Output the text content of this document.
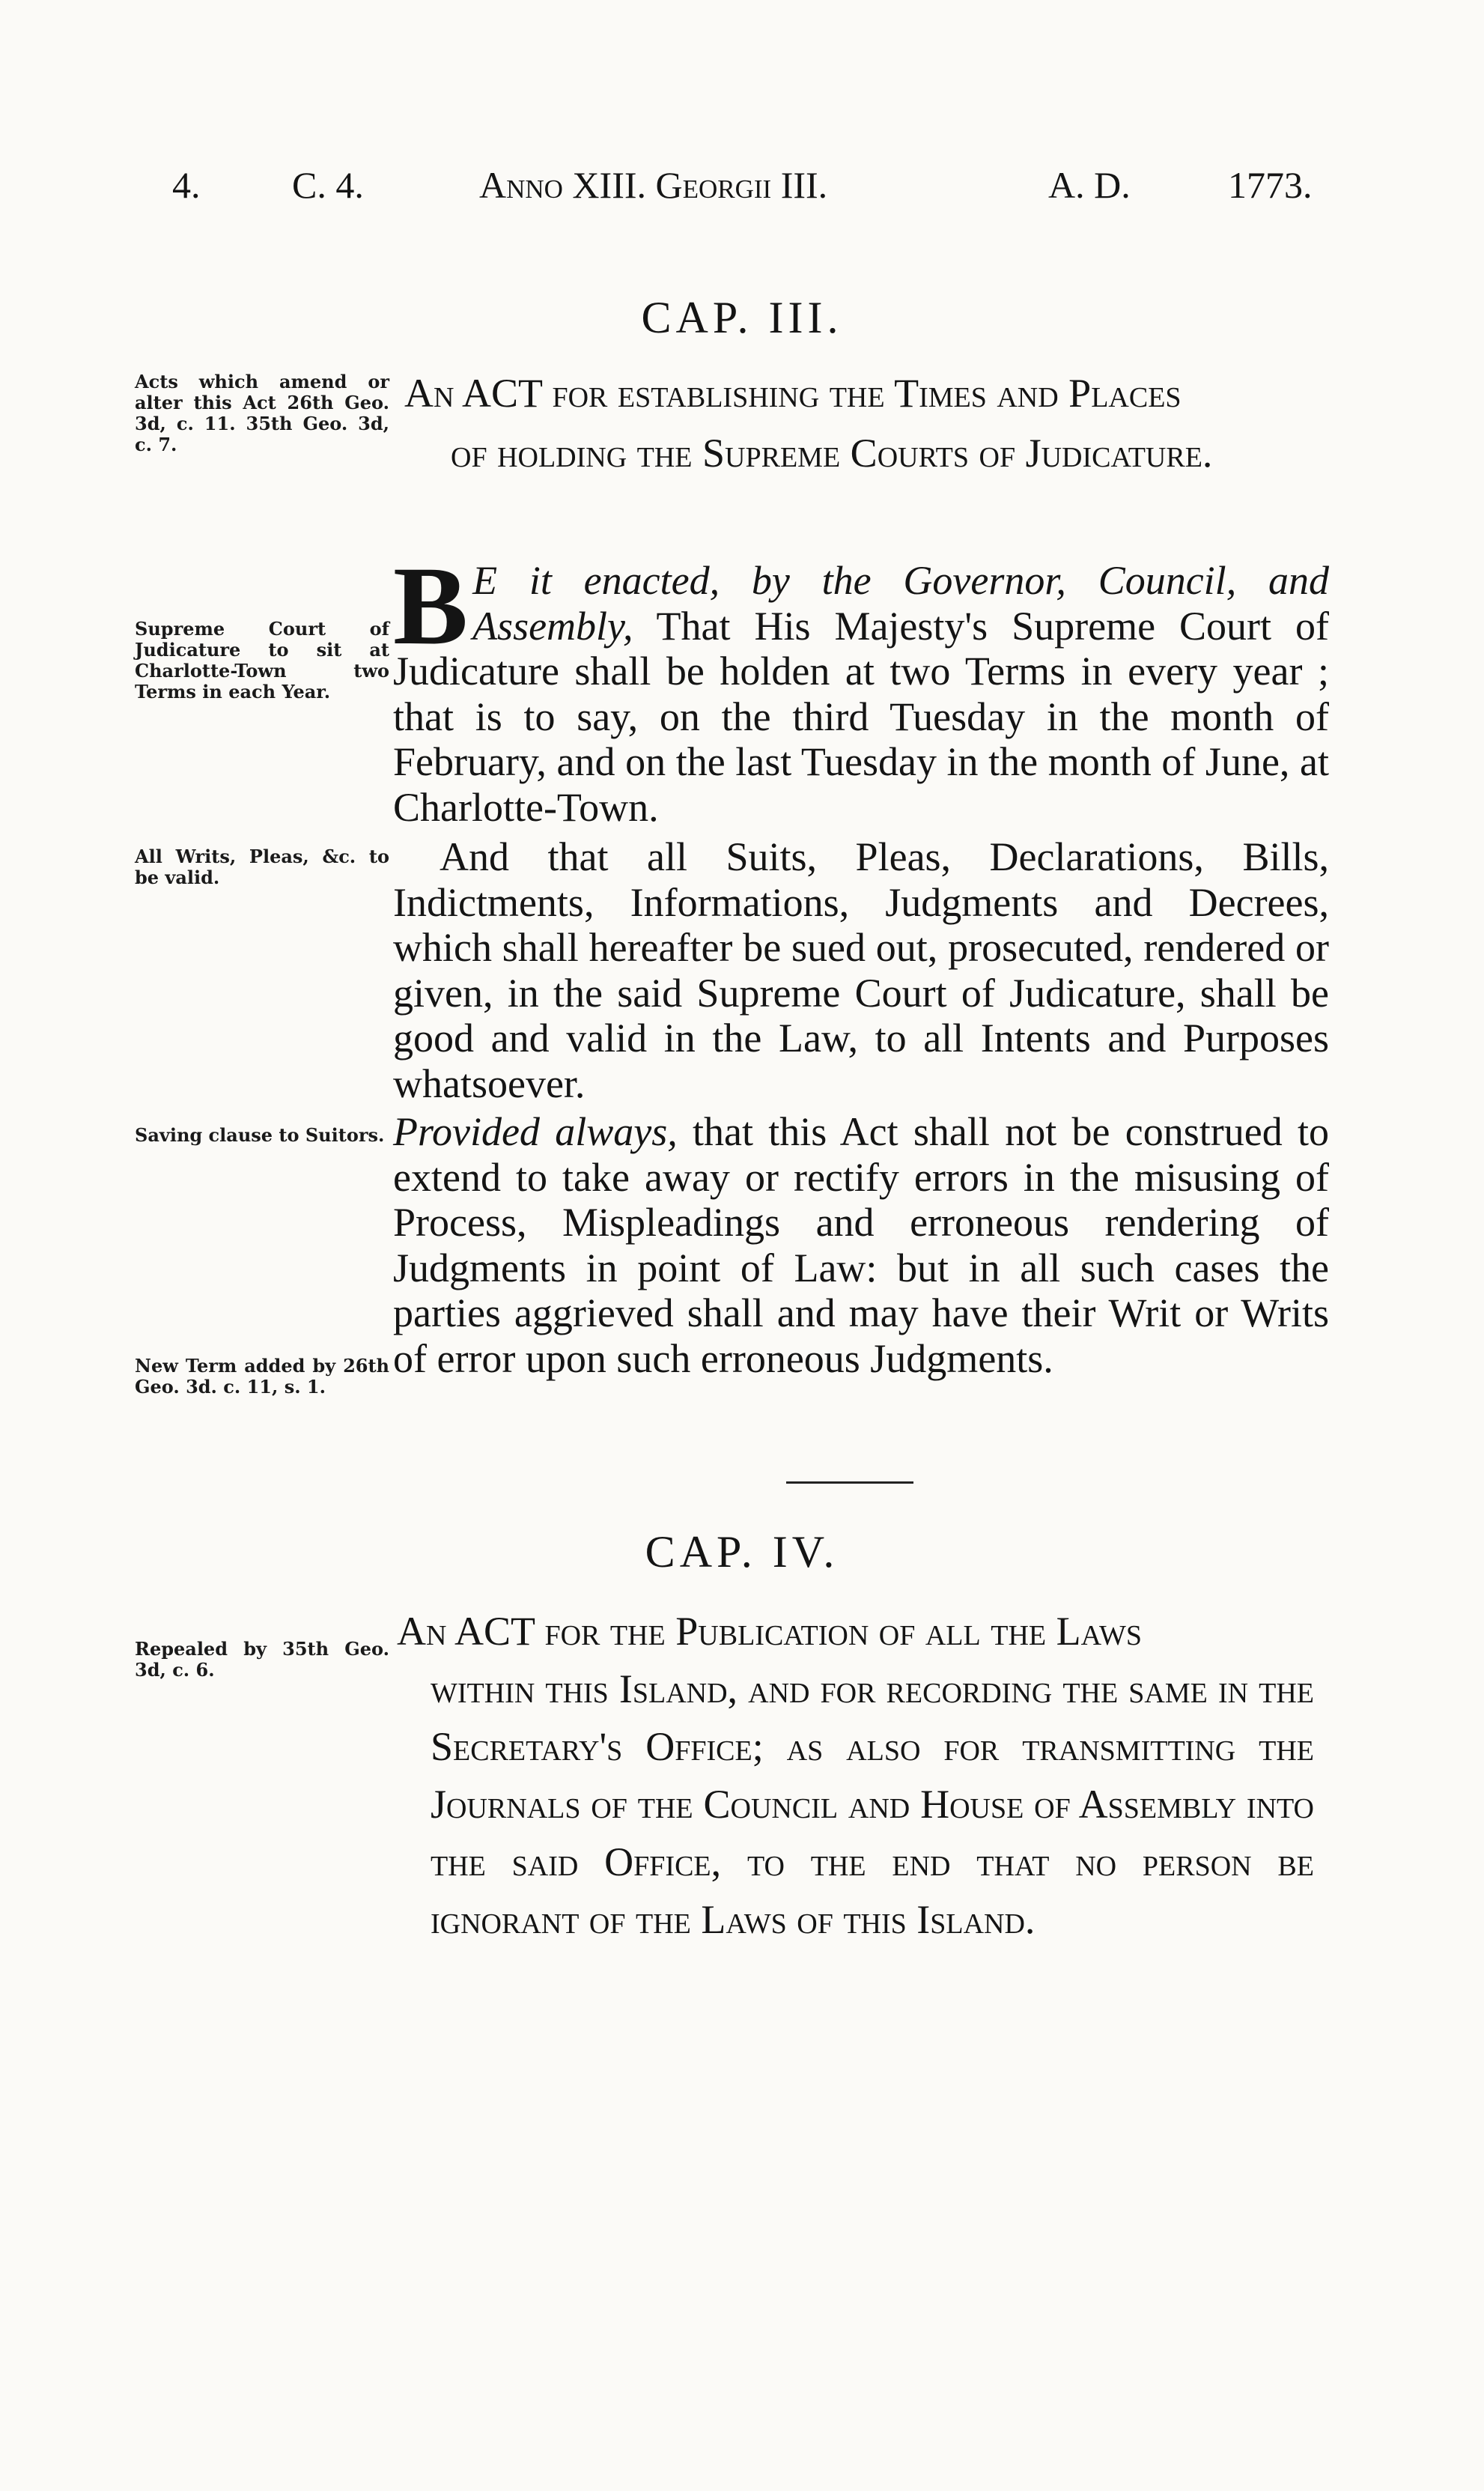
4. C. 4.	Anno XIII. Georgii III.	A. D.	1773.
CAP. III.
Acts which amend or alter this Act 26th Geo. 3d, c. 11. 35th Geo. 3d, c. 7.
Supreme Court of Judicature to sit at Charlotte-Town two Terms in each Year.
All Writs, Pleas, &c. to be valid.
Saving clause to Suitors.
New Term added by 26th Geo. 3d. c. 11, s. 1.
An ACT for establishing the Times and Places
of holding the Supreme Courts of Judicature.
B E it enacted, by the Governor, Council, and Assembly, That His Majesty's Supreme Court of Judicature shall be holden at two Terms in every year ; that is to say, on the third Tuesday in the month of February, and on the last Tuesday in the month of June, at Charlotte-Town.
And that all Suits, Pleas, Declarations, Bills, Indictments, Informations, Judgments and Decrees, which shall hereafter be sued out, prosecuted, rendered or given, in the said Supreme Court of Judicature, shall be good and valid in the Law, to all Intents and Purposes whatsoever.
Provided always, that this Act shall not be construed to extend to take away or rectify errors in the misusing of Process, Mispleadings and erroneous rendering of Judgments in point of Law: but in all such cases the parties aggrieved shall and may have their Writ or Writs of error upon such erroneous Judgments.
CAP. IV.
Repealed by 35th Geo. 3d, c. 6.
An ACT for the Publication of all the Laws
within this Island, and for recording the same in the Secretary's Office; as also for transmitting the Journals of the Council and House of Assembly into the said Office, to the end that no person be ignorant of the Laws of this Island.
